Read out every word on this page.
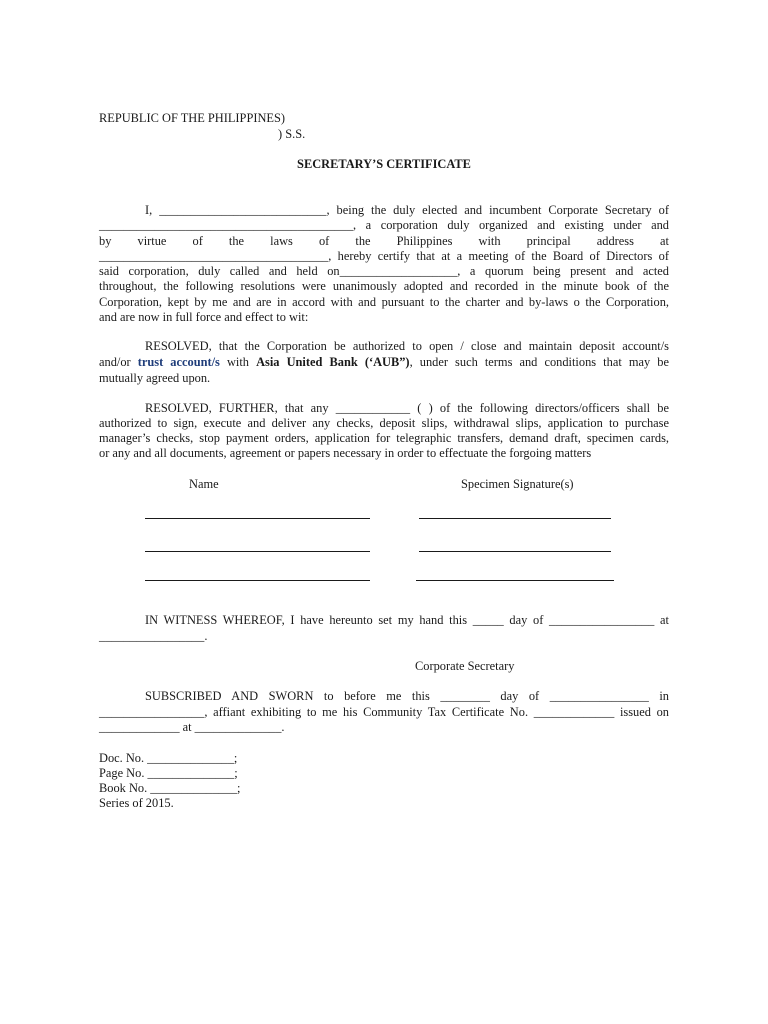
REPUBLIC OF THE PHILIPPINES)
) S.S.
SECRETARY’S CERTIFICATE
I, ___________________________, being the duly elected and incumbent Corporate Secretary of
_________________________________________, a corporation duly organized and existing under and
by virtue of the laws of the Philippines with principal address at
_____________________________________, hereby certify that at a meeting of the Board of Directors of
said corporation, duly called and held on___________________, a quorum being present and acted
throughout, the following resolutions were unanimously adopted and recorded in the minute book of the
Corporation, kept by me and are in accord with and pursuant to the charter and by-laws o the Corporation,
and are now in full force and effect to wit:
RESOLVED, that the Corporation be authorized to open / close and maintain deposit account/s
and/or trust account/s with Asia United Bank (‘AUB”), under such terms and conditions that may be
mutually agreed upon.
RESOLVED, FURTHER, that any ____________ ( ) of the following directors/officers shall be
authorized to sign, execute and deliver any checks, deposit slips, withdrawal slips, application to purchase
manager’s checks, stop payment orders, application for telegraphic transfers, demand draft, specimen cards,
or any and all documents, agreement or papers necessary in order to effectuate the forgoing matters
Name	Specimen Signature(s)
IN WITNESS WHEREOF, I have hereunto set my hand this _____ day of _________________ at
_________________.
Corporate Secretary
SUBSCRIBED AND SWORN to before me this ________ day of ________________ in
_________________, affiant exhibiting to me his Community Tax Certificate No. _____________ issued on
_____________ at ______________.
Doc. No. ______________;
Page No. ______________;
Book No. ______________;
Series of 2015.
